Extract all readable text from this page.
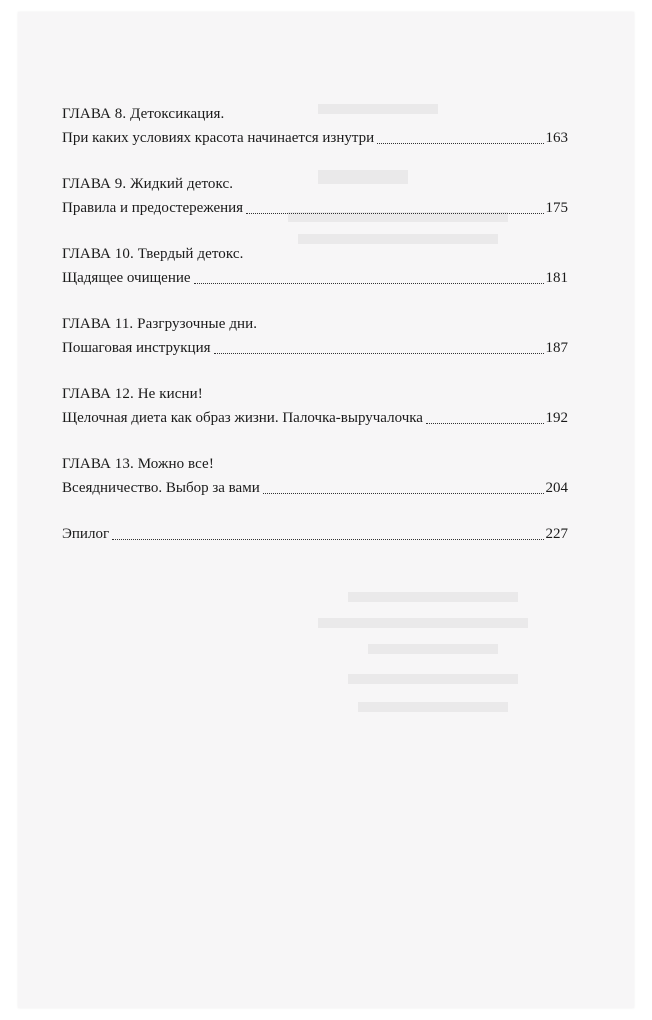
ГЛАВА 8. Детоксикация.
При каких условиях красота начинается изнутри	163
ГЛАВА 9. Жидкий детокс.
Правила и предостережения	175
ГЛАВА 10. Твердый детокс.
Щадящее очищение	181
ГЛАВА 11. Разгрузочные дни.
Пошаговая инструкция	187
ГЛАВА 12. Не кисни!
Щелочная диета как образ жизни. Палочка-выручалочка	192
ГЛАВА 13. Можно все!
Всеядничество. Выбор за вами	204
Эпилог	227
